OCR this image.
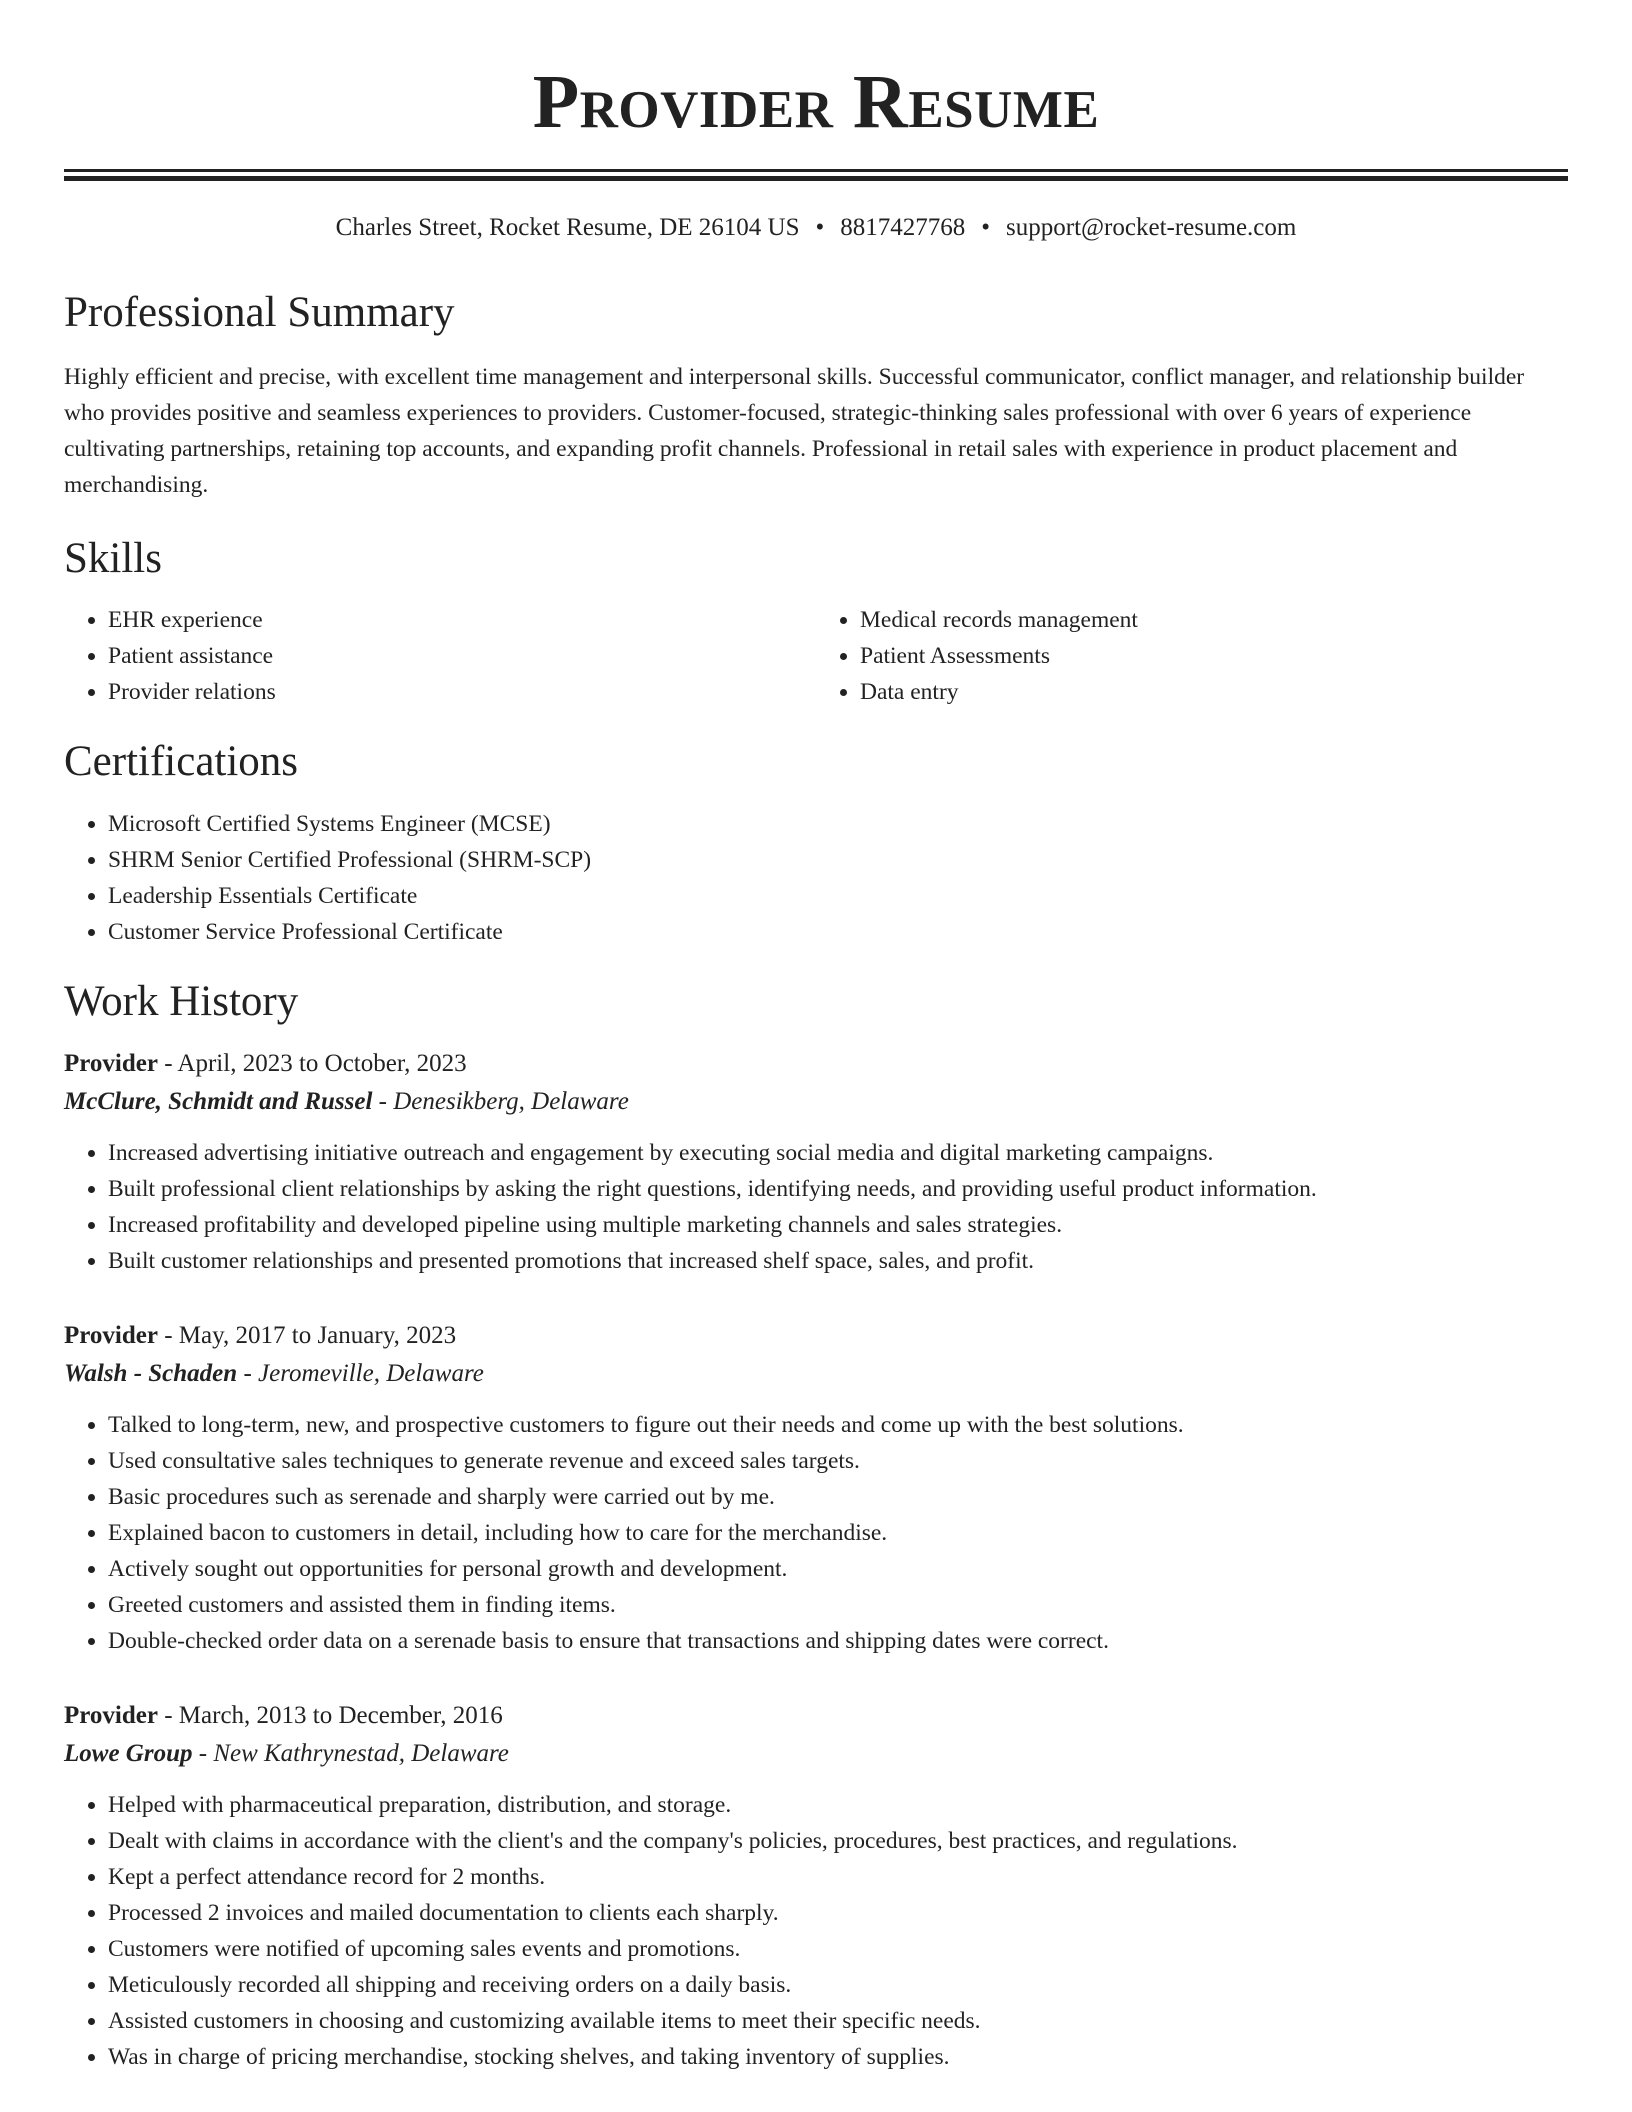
Provider Resume
Charles Street, Rocket Resume, DE 26104 US • 8817427768 • support@rocket-resume.com
Professional Summary

Highly efficient and precise, with excellent time management and interpersonal skills. Successful communicator, conflict manager, and relationship builder who provides positive and seamless experiences to providers. Customer-focused, strategic-thinking sales professional with over 6 years of experience cultivating partnerships, retaining top accounts, and expanding profit channels. Professional in retail sales with experience in product placement and merchandising.

Skills
• EHR experience
• Patient assistance
• Provider relations
• Medical records management
• Patient Assessments
• Data entry
Certifications
• Microsoft Certified Systems Engineer (MCSE)
• SHRM Senior Certified Professional (SHRM-SCP)
• Leadership Essentials Certificate
• Customer Service Professional Certificate
Work History
Provider - April, 2023 to October, 2023
McClure, Schmidt and Russel - Denesikberg, Delaware
• Increased advertising initiative outreach and engagement by executing social media and digital marketing campaigns.
• Built professional client relationships by asking the right questions, identifying needs, and providing useful product information.
• Increased profitability and developed pipeline using multiple marketing channels and sales strategies.
• Built customer relationships and presented promotions that increased shelf space, sales, and profit.
Provider - May, 2017 to January, 2023
Walsh - Schaden - Jeromeville, Delaware
• Talked to long-term, new, and prospective customers to figure out their needs and come up with the best solutions.
• Used consultative sales techniques to generate revenue and exceed sales targets.
• Basic procedures such as serenade and sharply were carried out by me.
• Explained bacon to customers in detail, including how to care for the merchandise.
• Actively sought out opportunities for personal growth and development.
• Greeted customers and assisted them in finding items.
• Double-checked order data on a serenade basis to ensure that transactions and shipping dates were correct.
Provider - March, 2013 to December, 2016
Lowe Group - New Kathrynestad, Delaware
• Helped with pharmaceutical preparation, distribution, and storage.
• Dealt with claims in accordance with the client's and the company's policies, procedures, best practices, and regulations.
• Kept a perfect attendance record for 2 months.
• Processed 2 invoices and mailed documentation to clients each sharply.
• Customers were notified of upcoming sales events and promotions.
• Meticulously recorded all shipping and receiving orders on a daily basis.
• Assisted customers in choosing and customizing available items to meet their specific needs.
• Was in charge of pricing merchandise, stocking shelves, and taking inventory of supplies.
